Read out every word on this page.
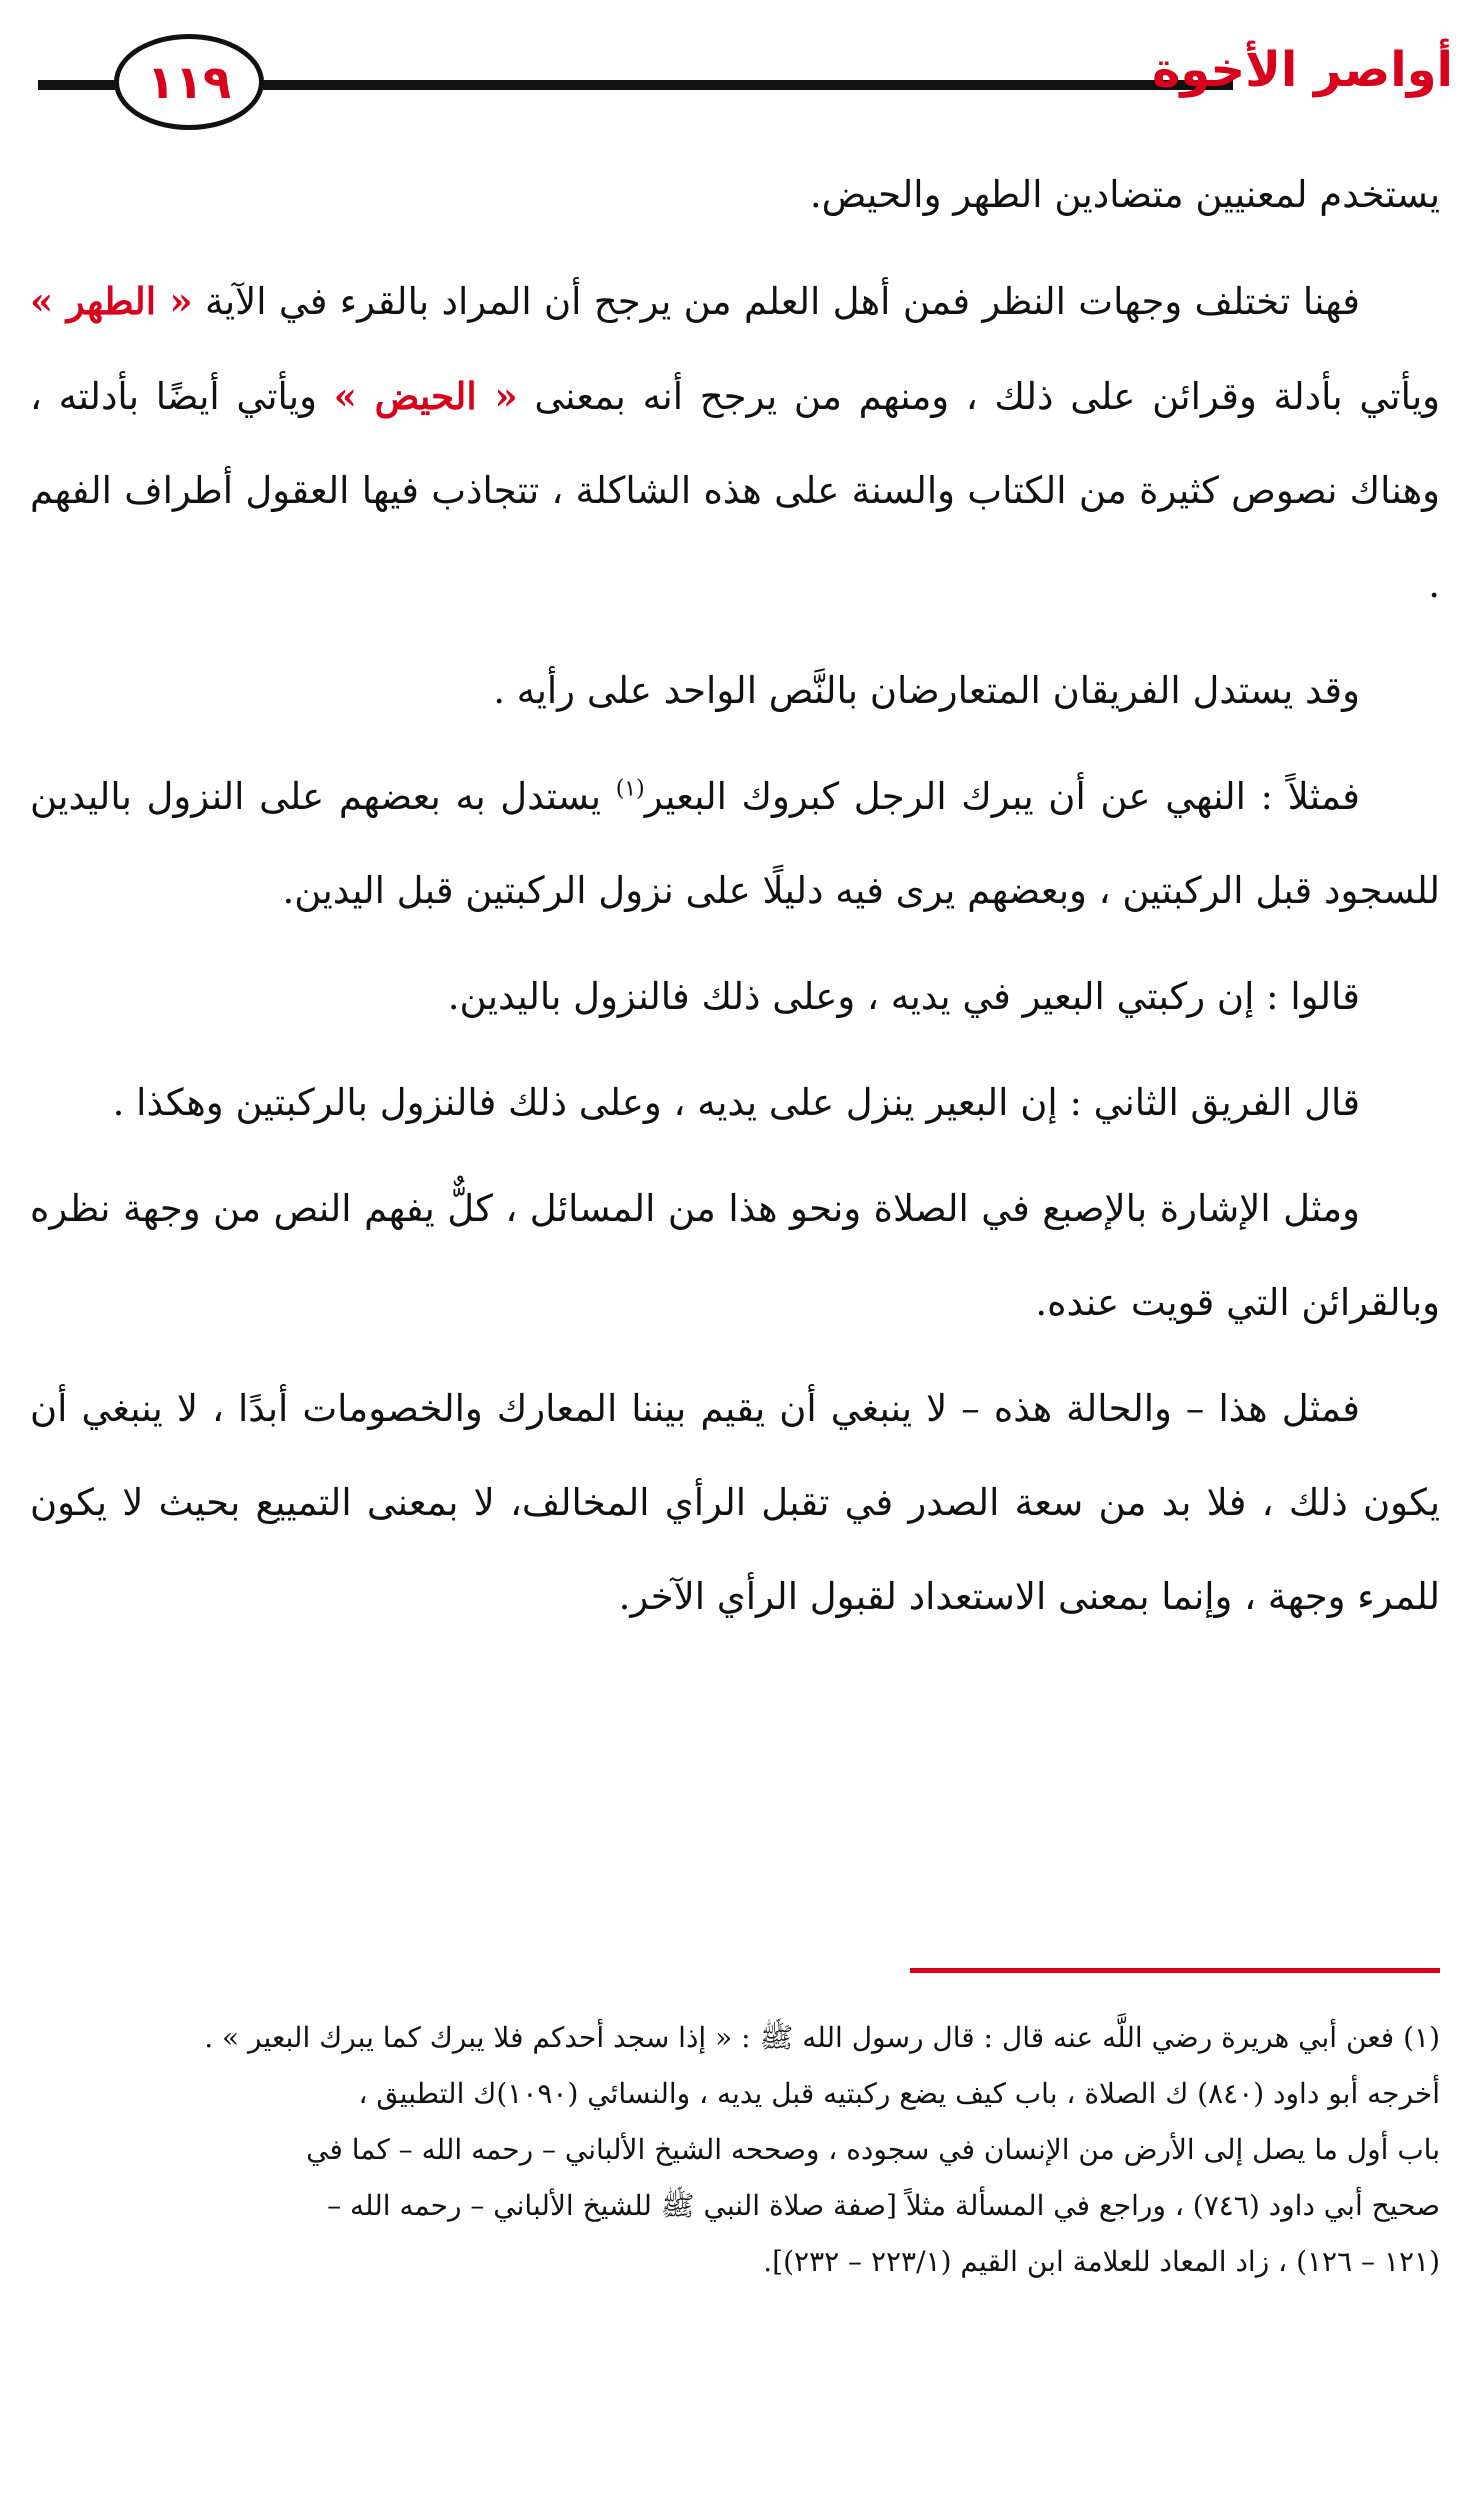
١١٩	أواصر الأخوة

يستخدم لمعنيين متضادين الطهر والحيض.

فهنا تختلف وجهات النظر فمن أهل العلم من يرجح أن المراد بالقرء في الآية « الطهر » ويأتي بأدلة وقرائن على ذلك ، ومنهم من يرجح أنه بمعنى « الحيض » ويأتي أيضًا بأدلته ، وهناك نصوص كثيرة من الكتاب والسنة على هذه الشاكلة ، تتجاذب فيها العقول أطراف الفهم .

وقد يستدل الفريقان المتعارضان بالنَّص الواحد على رأيه .

فمثلاً : النهي عن أن يبرك الرجل كبروك البعير$^{(١)}$ يستدل به بعضهم على النزول باليدين للسجود قبل الركبتين ، وبعضهم يرى فيه دليلًا على نزول الركبتين قبل اليدين.

قالوا : إن ركبتي البعير في يديه ، وعلى ذلك فالنزول باليدين.

قال الفريق الثاني : إن البعير ينزل على يديه ، وعلى ذلك فالنزول بالركبتين وهكذا .

ومثل الإشارة بالإصبع في الصلاة ونحو هذا من المسائل ، كلٌّ يفهم النص من وجهة نظره وبالقرائن التي قويت عنده.

فمثل هذا – والحالة هذه – لا ينبغي أن يقيم بيننا المعارك والخصومات أبدًا ، لا ينبغي أن يكون ذلك ، فلا بد من سعة الصدر في تقبل الرأي المخالف، لا بمعنى التمييع بحيث لا يكون للمرء وجهة ، وإنما بمعنى الاستعداد لقبول الرأي الآخر.

(١) فعن أبي هريرة رضي اللَّه عنه قال : قال رسول الله ﷺ : « إذا سجد أحدكم فلا يبرك كما يبرك البعير » .

أخرجه أبو داود (٨٤٠) ك الصلاة ، باب كيف يضع ركبتيه قبل يديه ، والنسائي (١٠٩٠)ك التطبيق ،

باب أول ما يصل إلى الأرض من الإنسان في سجوده ، وصححه الشيخ الألباني – رحمه الله – كما في

صحيح أبي داود (٧٤٦) ، وراجع في المسألة مثلاً [صفة صلاة النبي ﷺ للشيخ الألباني – رحمه الله –

(١٢١ – ١٢٦) ، زاد المعاد للعلامة ابن القيم (٢٢٣/١ – ٢٣٢)].
